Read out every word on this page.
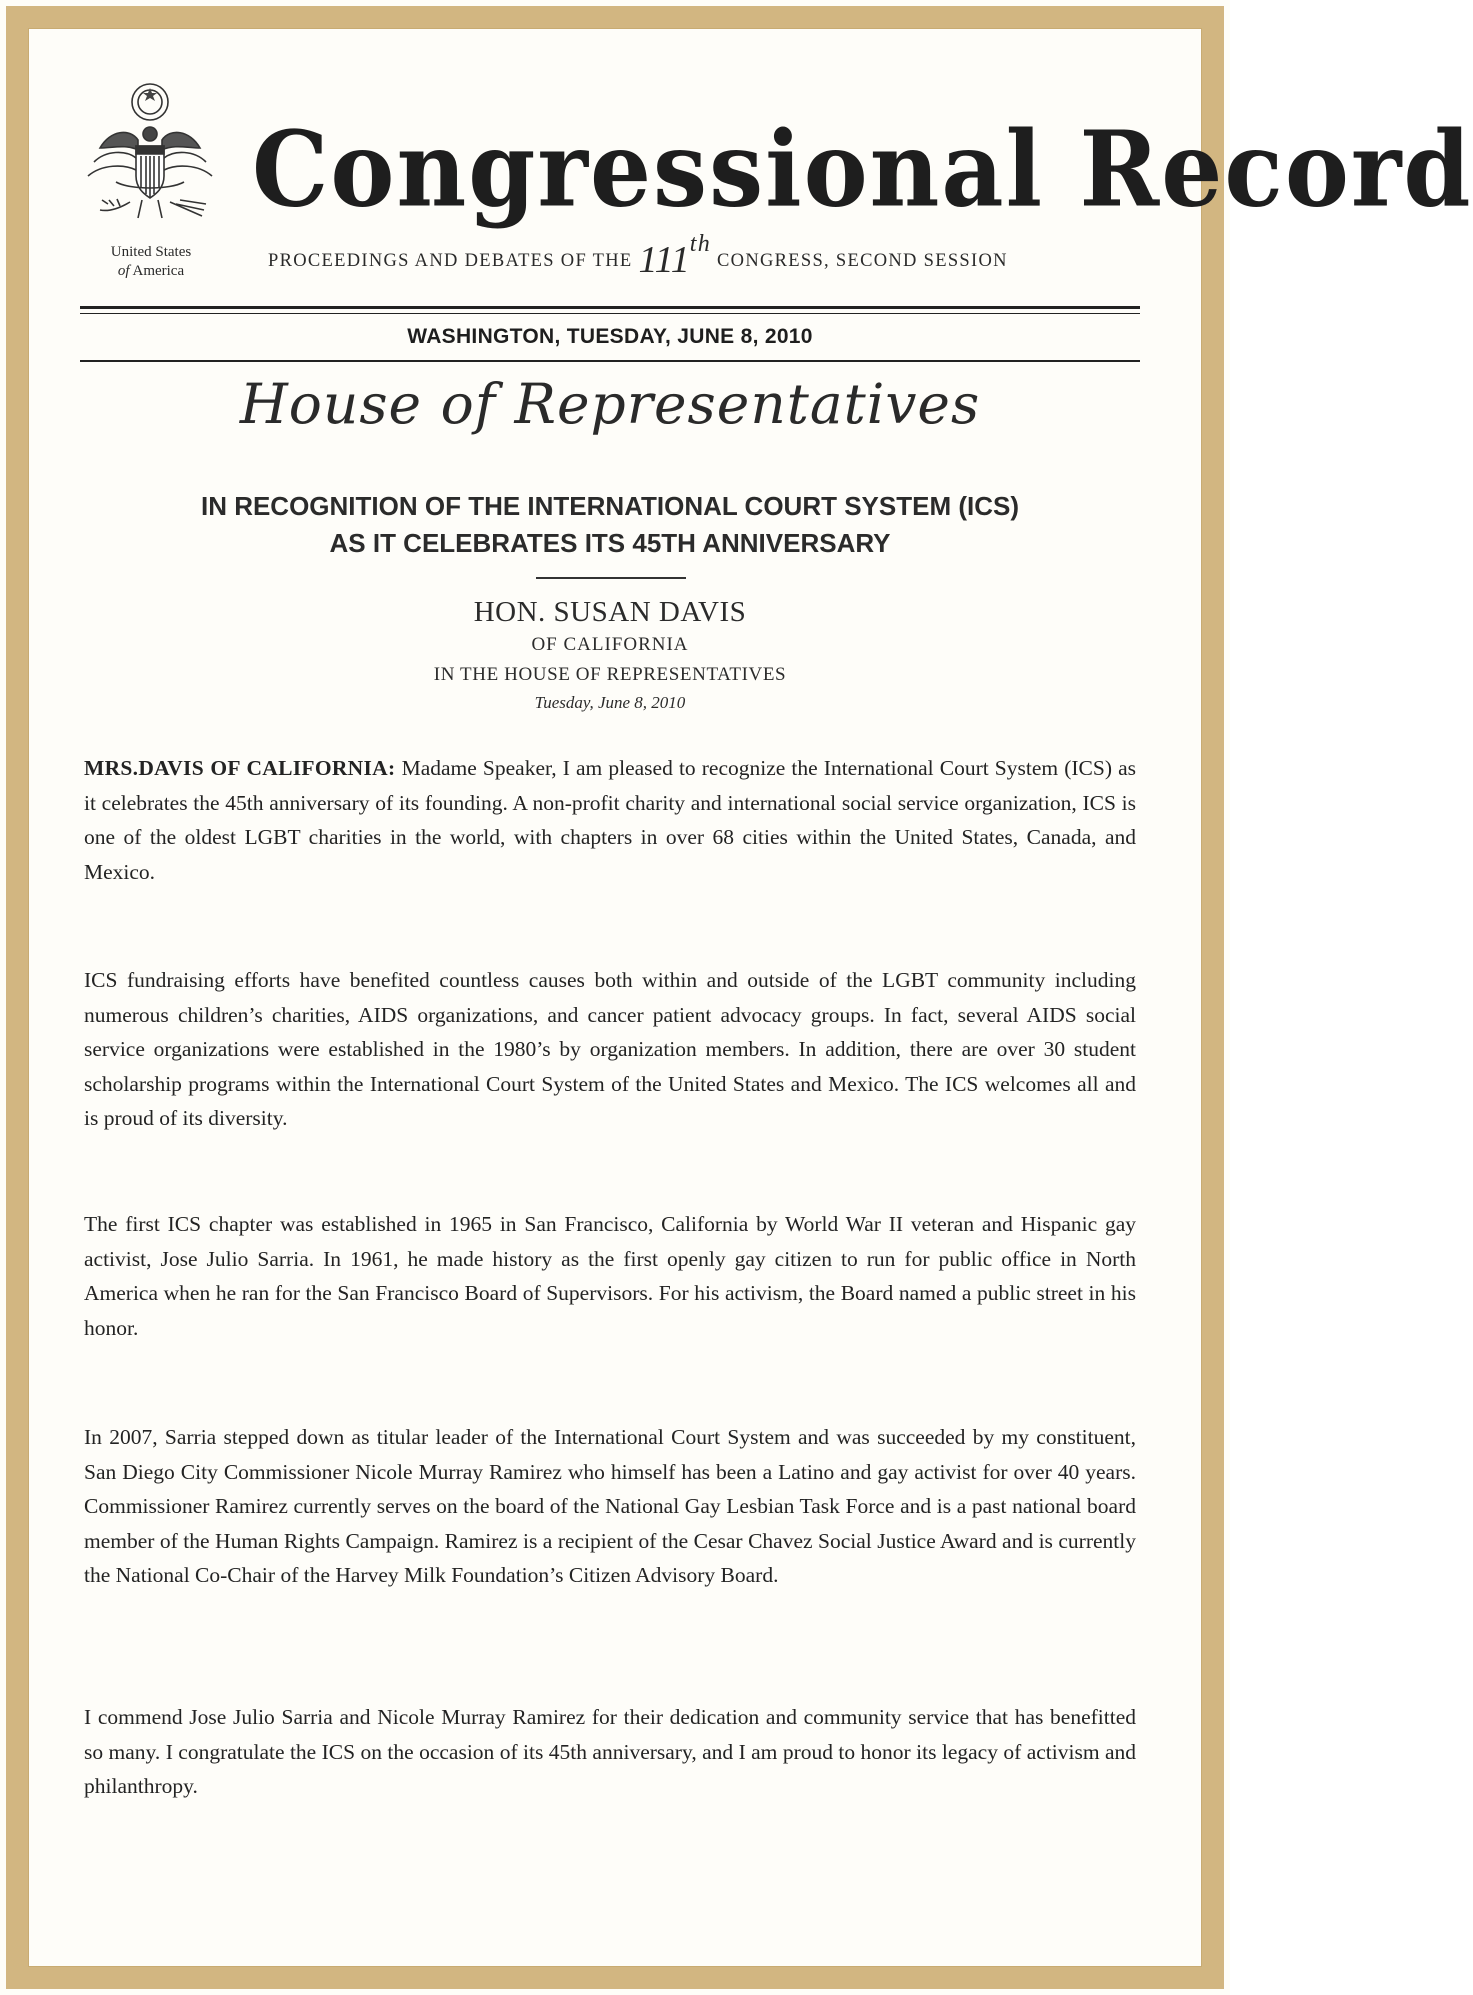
United States
of America
Congressional Record
PROCEEDINGS AND DEBATES OF THE 111th CONGRESS, SECOND SESSION
WASHINGTON, TUESDAY, JUNE 8, 2010
House of Representatives
IN RECOGNITION OF THE INTERNATIONAL COURT SYSTEM (ICS)
AS IT CELEBRATES ITS 45TH ANNIVERSARY
HON. SUSAN DAVIS
OF CALIFORNIA
IN THE HOUSE OF REPRESENTATIVES
Tuesday, June 8, 2010
MRS.DAVIS OF CALIFORNIA: Madame Speaker, I am pleased to recognize the International Court System (ICS) as it celebrates the 45th anniversary of its founding. A non-profit charity and international social service organization, ICS is one of the oldest LGBT charities in the world, with chapters in over 68 cities within the United States, Canada, and Mexico.
ICS fundraising efforts have benefited countless causes both within and outside of the LGBT community including numerous children’s charities, AIDS organizations, and cancer patient advocacy groups. In fact, several AIDS social service organizations were established in the 1980’s by organization members. In addition, there are over 30 student scholarship programs within the International Court System of the United States and Mexico. The ICS welcomes all and is proud of its diversity.
The first ICS chapter was established in 1965 in San Francisco, California by World War II veteran and Hispanic gay activist, Jose Julio Sarria. In 1961, he made history as the first openly gay citizen to run for public office in North America when he ran for the San Francisco Board of Supervisors. For his activism, the Board named a public street in his honor.
In 2007, Sarria stepped down as titular leader of the International Court System and was succeeded by my constituent, San Diego City Commissioner Nicole Murray Ramirez who himself has been a Latino and gay activist for over 40 years. Commissioner Ramirez currently serves on the board of the National Gay Lesbian Task Force and is a past national board member of the Human Rights Campaign. Ramirez is a recipient of the Cesar Chavez Social Justice Award and is currently the National Co-Chair of the Harvey Milk Foundation’s Citizen Advisory Board.
I commend Jose Julio Sarria and Nicole Murray Ramirez for their dedication and community service that has benefitted so many. I congratulate the ICS on the occasion of its 45th anniversary, and I am proud to honor its legacy of activism and philanthropy.
